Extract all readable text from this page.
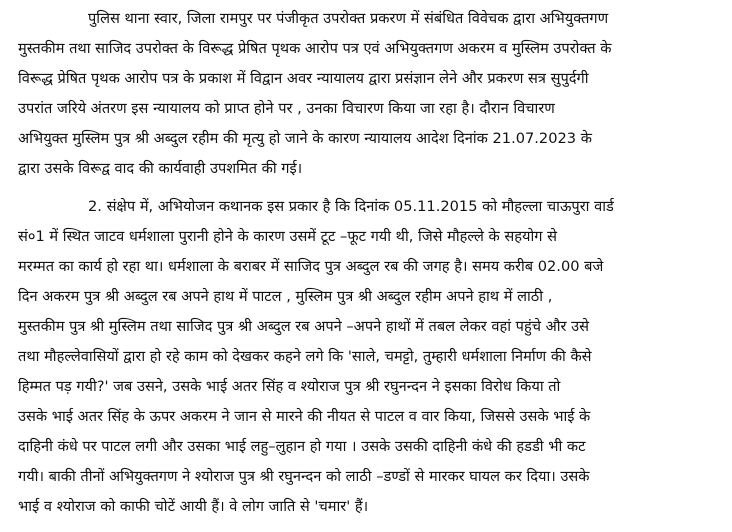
पुलिस थाना स्वार, जिला रामपुर पर पंजीकृत उपरोक्त प्रकरण में संबंधित विवेचक द्वारा अभियुक्तगण
मुस्तकीम तथा साजिद उपरोक्त के विरूद्ध प्रेषित पृथक आरोप पत्र एवं अभियुक्तगण अकरम व मुस्लिम उपरोक्त के
विरूद्ध प्रेषित पृथक आरोप पत्र के प्रकाश में विद्वान अवर न्यायालय द्वारा प्रसंज्ञान लेने और प्रकरण सत्र सुपुर्दगी
उपरांत जरिये अंतरण इस न्यायालय को प्राप्त होने पर , उनका विचारण किया जा रहा है। दौरान विचारण
अभियुक्त मुस्लिम पुत्र श्री अब्दुल रहीम की मृत्यु हो जाने के कारण न्यायालय आदेश दिनांक 21.07.2023 के
द्वारा उसके विरूद्व वाद की कार्यवाही उपशमित की गई।
2. संक्षेप में, अभियोजन कथानक इस प्रकार है कि दिनांक 05.11.2015 को मौहल्ला चाऊपुरा वार्ड
सं०1 में स्थित जाटव धर्मशाला पुरानी होने के कारण उसमें टूट –फूट गयी थी, जिसे मौहल्ले के सहयोग से
मरम्मत का कार्य हो रहा था। धर्मशाला के बराबर में साजिद पुत्र अब्दुल रब की जगह है। समय करीब 02.00 बजे
दिन अकरम पुत्र श्री अब्दुल रब अपने हाथ में पाटल , मुस्लिम पुत्र श्री अब्दुल रहीम अपने हाथ में लाठी ,
मुस्तकीम पुत्र श्री मुस्लिम तथा साजिद पुत्र श्री अब्दुल रब अपने –अपने हाथों में तबल लेकर वहां पहुंचे और उसे
तथा मौहल्लेवासियों द्वारा हो रहे काम को देखकर कहने लगे कि 'साले, चमट्टो, तुम्हारी धर्मशाला निर्माण की कैसे
हिम्मत पड़ गयी?' जब उसने, उसके भाई अतर सिंह व श्योराज पुत्र श्री रघुनन्दन ने इसका विरोध किया तो
उसके भाई अतर सिंह के ऊपर अकरम ने जान से मारने की नीयत से पाटल व वार किया, जिससे उसके भाई के
दाहिनी कंधे पर पाटल लगी और उसका भाई लहु–लुहान हो गया । उसके उसकी दाहिनी कंधे की हडडी भी कट
गयी। बाकी तीनों अभियुक्तगण ने श्योराज पुत्र श्री रघुनन्दन को लाठी –डण्डों से मारकर घायल कर दिया। उसके
भाई व श्योराज को काफी चोटें आयी हैं। वे लोग जाति से 'चमार' हैं।
